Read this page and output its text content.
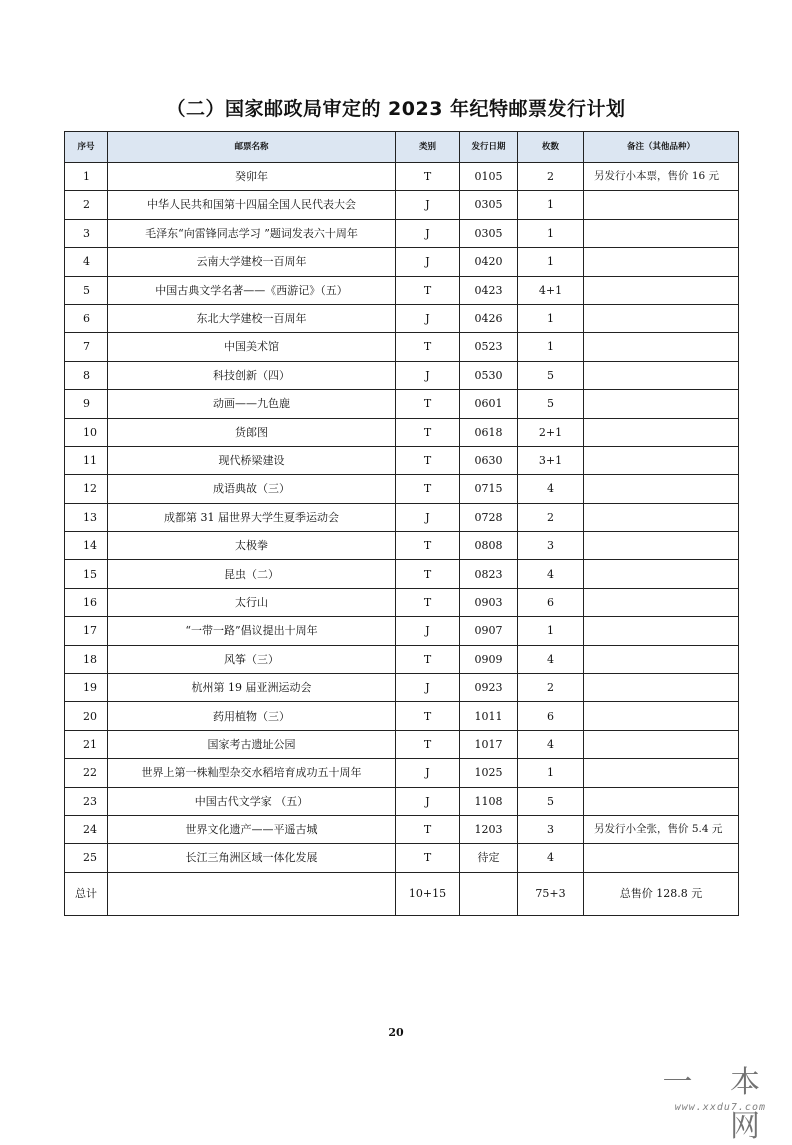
（二）国家邮政局审定的 2023 年纪特邮票发行计划
序号	邮票名称	类别	发行日期	枚数	备注（其他品种）
1	癸卯年	T	0105	2	另发行小本票，售价 16 元
2	中华人民共和国第十四届全国人民代表大会	J	0305	1	
3	毛泽东“向雷锋同志学习 ”题词发表六十周年	J	0305	1	
4	云南大学建校一百周年	J	0420	1	
5	中国古典文学名著——《西游记》（五）	T	0423	4+1	
6	东北大学建校一百周年	J	0426	1	
7	中国美术馆	T	0523	1	
8	科技创新（四）	J	0530	5	
9	动画——九色鹿	T	0601	5	
10	货郎图	T	0618	2+1	
11	现代桥梁建设	T	0630	3+1	
12	成语典故（三）	T	0715	4	
13	成都第 31 届世界大学生夏季运动会	J	0728	2	
14	太极拳	T	0808	3	
15	昆虫（二）	T	0823	4	
16	太行山	T	0903	6	
17	“一带一路”倡议提出十周年	J	0907	1	
18	风筝（三）	T	0909	4	
19	杭州第 19 届亚洲运动会	J	0923	2	
20	药用植物（三）	T	1011	6	
21	国家考古遗址公园	T	1017	4	
22	世界上第一株籼型杂交水稻培育成功五十周年	J	1025	1	
23	中国古代文学家 （五）	J	1108	5	
24	世界文化遗产——平遥古城	T	1203	3	另发行小全张，售价 5.4 元
25	长江三角洲区域一体化发展	T	待定	4	
总计		10+15		75+3	总售价 128.8 元
20
一 本 网
www.xxdu7.com
